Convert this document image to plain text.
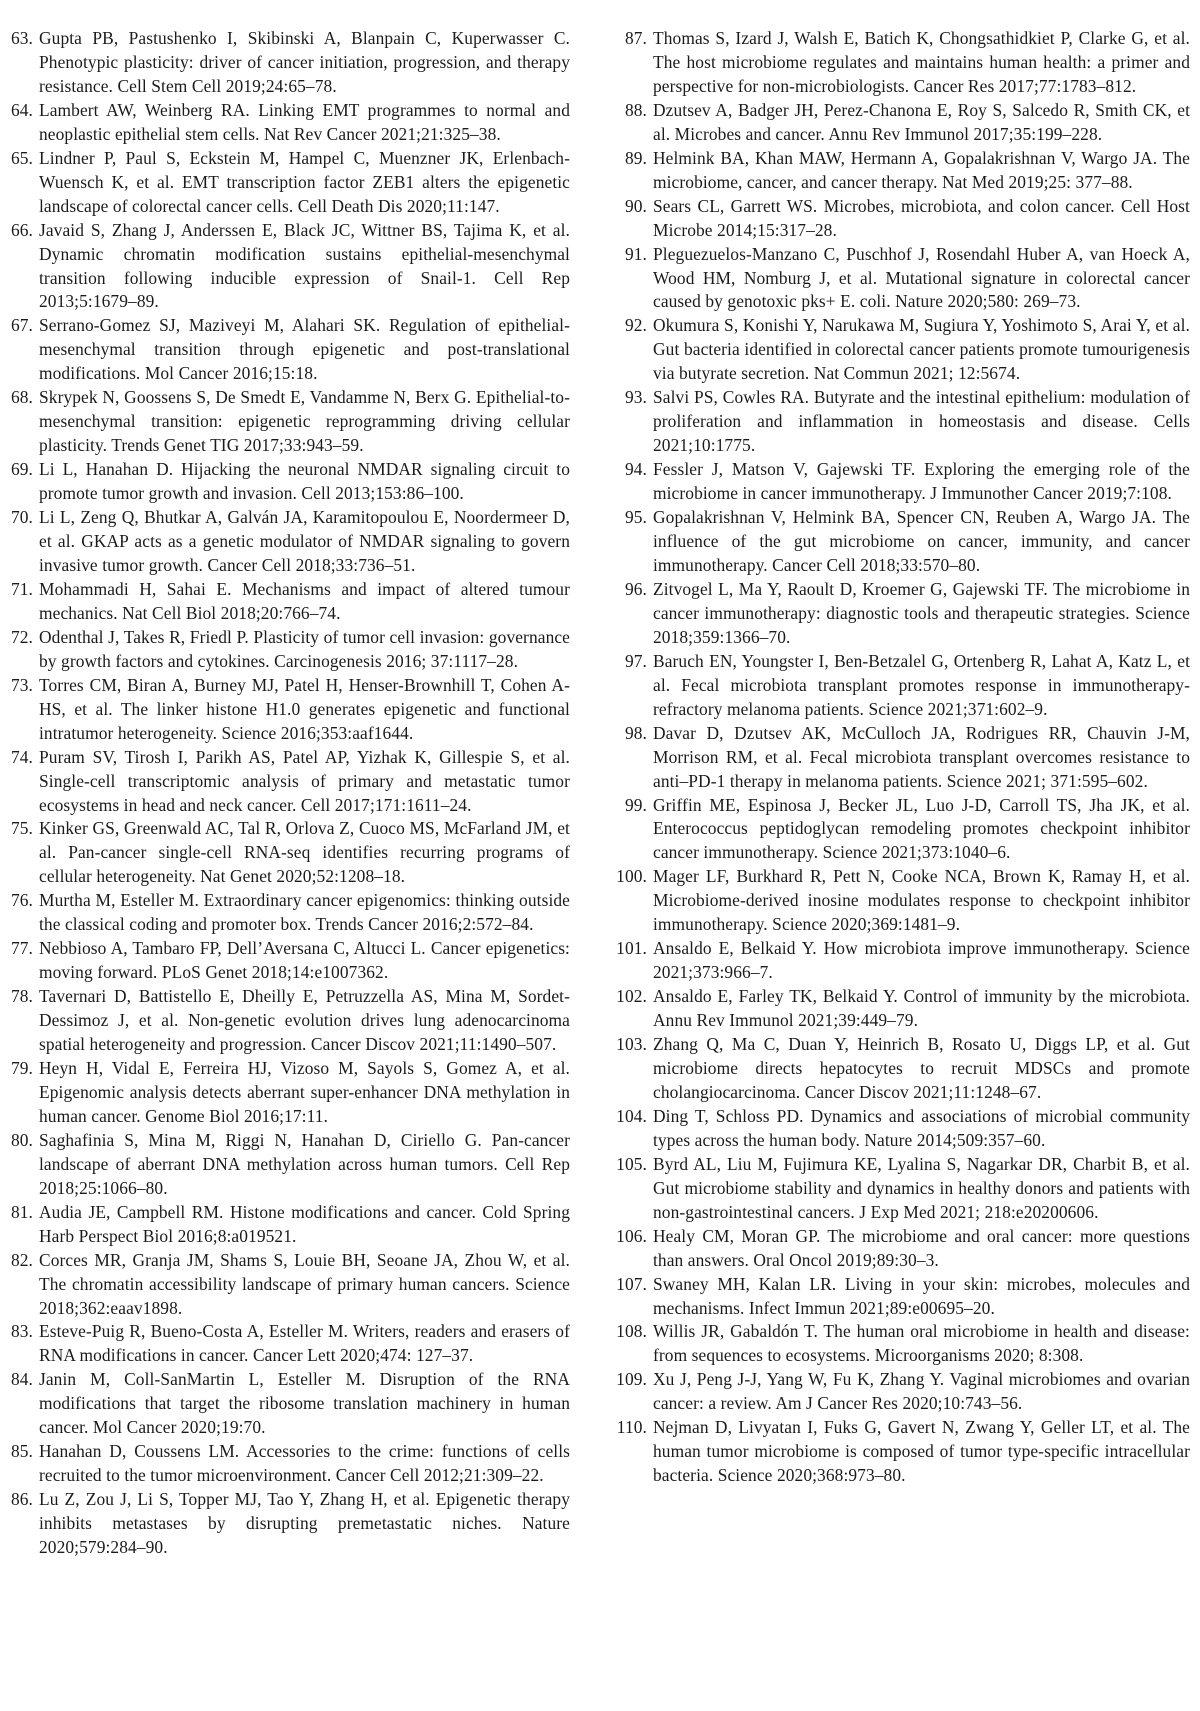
63. Gupta PB, Pastushenko I, Skibinski A, Blanpain C, Kuperwasser C. Phenotypic plasticity: driver of cancer initiation, progression, and therapy resistance. Cell Stem Cell 2019;24:65–78.
64. Lambert AW, Weinberg RA. Linking EMT programmes to normal and neoplastic epithelial stem cells. Nat Rev Cancer 2021;21:325–38.
65. Lindner P, Paul S, Eckstein M, Hampel C, Muenzner JK, Erlenbach-Wuensch K, et al. EMT transcription factor ZEB1 alters the epigenetic landscape of colorectal cancer cells. Cell Death Dis 2020;11:147.
66. Javaid S, Zhang J, Anderssen E, Black JC, Wittner BS, Tajima K, et al. Dynamic chromatin modification sustains epithelial-mesenchymal transition following inducible expression of Snail-1. Cell Rep 2013;5:1679–89.
67. Serrano-Gomez SJ, Maziveyi M, Alahari SK. Regulation of epithelial-mesenchymal transition through epigenetic and post-translational modifications. Mol Cancer 2016;15:18.
68. Skrypek N, Goossens S, De Smedt E, Vandamme N, Berx G. Epithelial-to-mesenchymal transition: epigenetic reprogramming driving cellular plasticity. Trends Genet TIG 2017;33:943–59.
69. Li L, Hanahan D. Hijacking the neuronal NMDAR signaling circuit to promote tumor growth and invasion. Cell 2013;153:86–100.
70. Li L, Zeng Q, Bhutkar A, Galván JA, Karamitopoulou E, Noordermeer D, et al. GKAP acts as a genetic modulator of NMDAR signaling to govern invasive tumor growth. Cancer Cell 2018;33:736–51.
71. Mohammadi H, Sahai E. Mechanisms and impact of altered tumour mechanics. Nat Cell Biol 2018;20:766–74.
72. Odenthal J, Takes R, Friedl P. Plasticity of tumor cell invasion: governance by growth factors and cytokines. Carcinogenesis 2016; 37:1117–28.
73. Torres CM, Biran A, Burney MJ, Patel H, Henser-Brownhill T, Cohen A-HS, et al. The linker histone H1.0 generates epigenetic and functional intratumor heterogeneity. Science 2016;353:aaf1644.
74. Puram SV, Tirosh I, Parikh AS, Patel AP, Yizhak K, Gillespie S, et al. Single-cell transcriptomic analysis of primary and metastatic tumor ecosystems in head and neck cancer. Cell 2017;171:1611–24.
75. Kinker GS, Greenwald AC, Tal R, Orlova Z, Cuoco MS, McFarland JM, et al. Pan-cancer single-cell RNA-seq identifies recurring programs of cellular heterogeneity. Nat Genet 2020;52:1208–18.
76. Murtha M, Esteller M. Extraordinary cancer epigenomics: thinking outside the classical coding and promoter box. Trends Cancer 2016;2:572–84.
77. Nebbioso A, Tambaro FP, Dell’Aversana C, Altucci L. Cancer epigenetics: moving forward. PLoS Genet 2018;14:e1007362.
78. Tavernari D, Battistello E, Dheilly E, Petruzzella AS, Mina M, Sordet-Dessimoz J, et al. Non-genetic evolution drives lung adenocarcinoma spatial heterogeneity and progression. Cancer Discov 2021;11:1490–507.
79. Heyn H, Vidal E, Ferreira HJ, Vizoso M, Sayols S, Gomez A, et al. Epigenomic analysis detects aberrant super-enhancer DNA methylation in human cancer. Genome Biol 2016;17:11.
80. Saghafinia S, Mina M, Riggi N, Hanahan D, Ciriello G. Pan-cancer landscape of aberrant DNA methylation across human tumors. Cell Rep 2018;25:1066–80.
81. Audia JE, Campbell RM. Histone modifications and cancer. Cold Spring Harb Perspect Biol 2016;8:a019521.
82. Corces MR, Granja JM, Shams S, Louie BH, Seoane JA, Zhou W, et al. The chromatin accessibility landscape of primary human cancers. Science 2018;362:eaav1898.
83. Esteve-Puig R, Bueno-Costa A, Esteller M. Writers, readers and erasers of RNA modifications in cancer. Cancer Lett 2020;474: 127–37.
84. Janin M, Coll-SanMartin L, Esteller M. Disruption of the RNA modifications that target the ribosome translation machinery in human cancer. Mol Cancer 2020;19:70.
85. Hanahan D, Coussens LM. Accessories to the crime: functions of cells recruited to the tumor microenvironment. Cancer Cell 2012;21:309–22.
86. Lu Z, Zou J, Li S, Topper MJ, Tao Y, Zhang H, et al. Epigenetic therapy inhibits metastases by disrupting premetastatic niches. Nature 2020;579:284–90.
87. Thomas S, Izard J, Walsh E, Batich K, Chongsathidkiet P, Clarke G, et al. The host microbiome regulates and maintains human health: a primer and perspective for non-microbiologists. Cancer Res 2017;77:1783–812.
88. Dzutsev A, Badger JH, Perez-Chanona E, Roy S, Salcedo R, Smith CK, et al. Microbes and cancer. Annu Rev Immunol 2017;35:199–228.
89. Helmink BA, Khan MAW, Hermann A, Gopalakrishnan V, Wargo JA. The microbiome, cancer, and cancer therapy. Nat Med 2019;25: 377–88.
90. Sears CL, Garrett WS. Microbes, microbiota, and colon cancer. Cell Host Microbe 2014;15:317–28.
91. Pleguezuelos-Manzano C, Puschhof J, Rosendahl Huber A, van Hoeck A, Wood HM, Nomburg J, et al. Mutational signature in colorectal cancer caused by genotoxic pks+ E. coli. Nature 2020;580: 269–73.
92. Okumura S, Konishi Y, Narukawa M, Sugiura Y, Yoshimoto S, Arai Y, et al. Gut bacteria identified in colorectal cancer patients promote tumourigenesis via butyrate secretion. Nat Commun 2021; 12:5674.
93. Salvi PS, Cowles RA. Butyrate and the intestinal epithelium: modulation of proliferation and inflammation in homeostasis and disease. Cells 2021;10:1775.
94. Fessler J, Matson V, Gajewski TF. Exploring the emerging role of the microbiome in cancer immunotherapy. J Immunother Cancer 2019;7:108.
95. Gopalakrishnan V, Helmink BA, Spencer CN, Reuben A, Wargo JA. The influence of the gut microbiome on cancer, immunity, and cancer immunotherapy. Cancer Cell 2018;33:570–80.
96. Zitvogel L, Ma Y, Raoult D, Kroemer G, Gajewski TF. The microbiome in cancer immunotherapy: diagnostic tools and therapeutic strategies. Science 2018;359:1366–70.
97. Baruch EN, Youngster I, Ben-Betzalel G, Ortenberg R, Lahat A, Katz L, et al. Fecal microbiota transplant promotes response in immunotherapy-refractory melanoma patients. Science 2021;371:602–9.
98. Davar D, Dzutsev AK, McCulloch JA, Rodrigues RR, Chauvin J-M, Morrison RM, et al. Fecal microbiota transplant overcomes resistance to anti–PD-1 therapy in melanoma patients. Science 2021; 371:595–602.
99. Griffin ME, Espinosa J, Becker JL, Luo J-D, Carroll TS, Jha JK, et al. Enterococcus peptidoglycan remodeling promotes checkpoint inhibitor cancer immunotherapy. Science 2021;373:1040–6.
100. Mager LF, Burkhard R, Pett N, Cooke NCA, Brown K, Ramay H, et al. Microbiome-derived inosine modulates response to checkpoint inhibitor immunotherapy. Science 2020;369:1481–9.
101. Ansaldo E, Belkaid Y. How microbiota improve immunotherapy. Science 2021;373:966–7.
102. Ansaldo E, Farley TK, Belkaid Y. Control of immunity by the microbiota. Annu Rev Immunol 2021;39:449–79.
103. Zhang Q, Ma C, Duan Y, Heinrich B, Rosato U, Diggs LP, et al. Gut microbiome directs hepatocytes to recruit MDSCs and promote cholangiocarcinoma. Cancer Discov 2021;11:1248–67.
104. Ding T, Schloss PD. Dynamics and associations of microbial community types across the human body. Nature 2014;509:357–60.
105. Byrd AL, Liu M, Fujimura KE, Lyalina S, Nagarkar DR, Charbit B, et al. Gut microbiome stability and dynamics in healthy donors and patients with non-gastrointestinal cancers. J Exp Med 2021; 218:e20200606.
106. Healy CM, Moran GP. The microbiome and oral cancer: more questions than answers. Oral Oncol 2019;89:30–3.
107. Swaney MH, Kalan LR. Living in your skin: microbes, molecules and mechanisms. Infect Immun 2021;89:e00695–20.
108. Willis JR, Gabaldón T. The human oral microbiome in health and disease: from sequences to ecosystems. Microorganisms 2020; 8:308.
109. Xu J, Peng J-J, Yang W, Fu K, Zhang Y. Vaginal microbiomes and ovarian cancer: a review. Am J Cancer Res 2020;10:743–56.
110. Nejman D, Livyatan I, Fuks G, Gavert N, Zwang Y, Geller LT, et al. The human tumor microbiome is composed of tumor type-specific intracellular bacteria. Science 2020;368:973–80.
